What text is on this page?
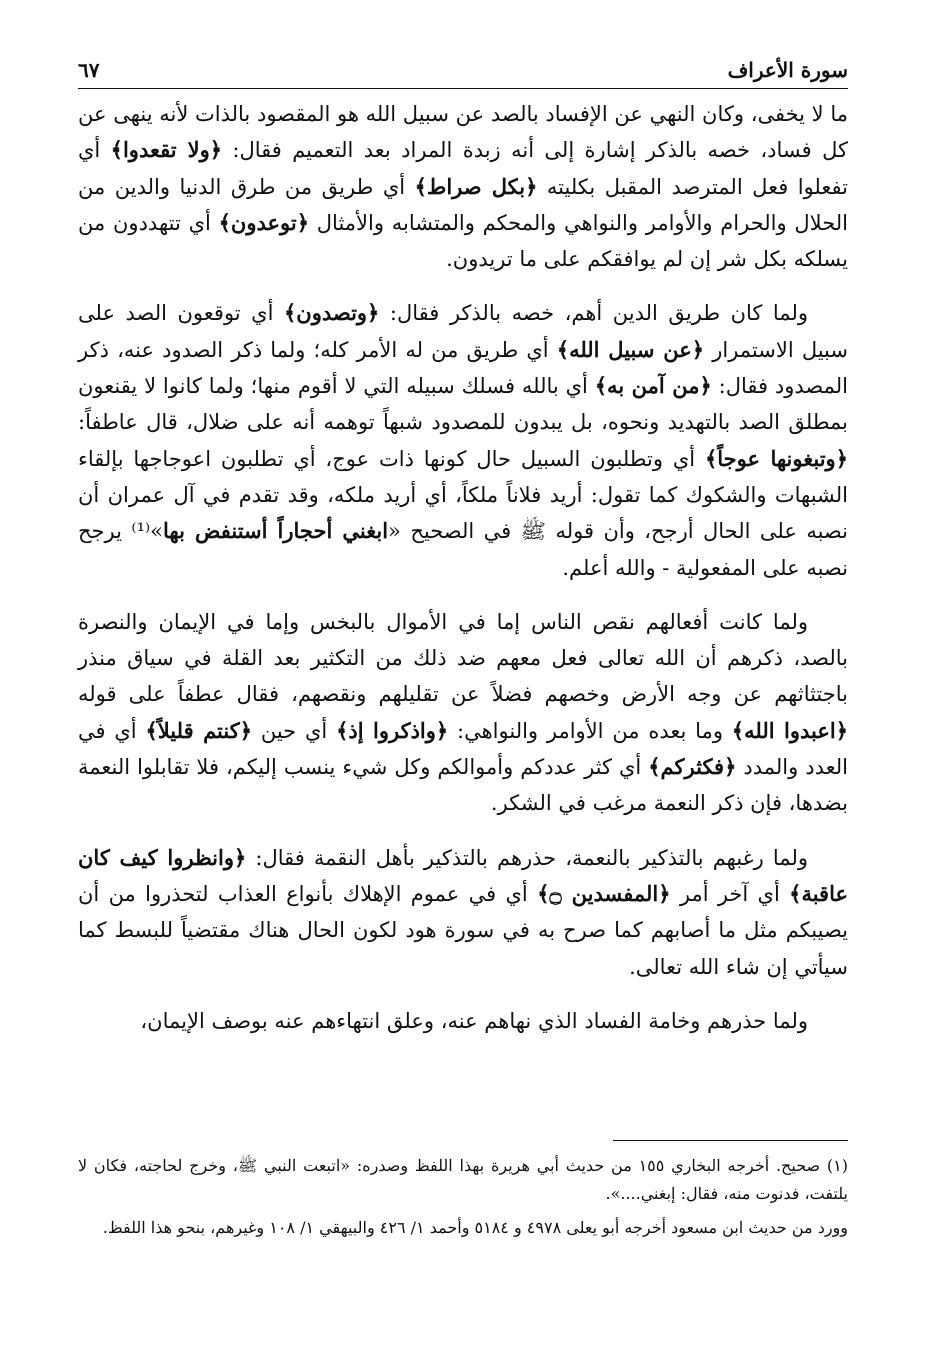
سورة الأعراف
٦٧

ما لا يخفى، وكان النهي عن الإفساد بالصد عن سبيل الله هو المقصود بالذات لأنه ينهى عن كل فساد، خصه بالذكر إشارة إلى أنه زبدة المراد بعد التعميم فقال: ﴿ولا تقعدوا﴾ أي تفعلوا فعل المترصد المقبل بكليته ﴿بكل صراط﴾ أي طريق من طرق الدنيا والدين من الحلال والحرام والأوامر والنواهي والمحكم والمتشابه والأمثال ﴿توعدون﴾ أي تتهددون من يسلكه بكل شر إن لم يوافقكم على ما تريدون.

ولما كان طريق الدين أهم، خصه بالذكر فقال: ﴿وتصدون﴾ أي توقعون الصد على سبيل الاستمرار ﴿عن سبيل الله﴾ أي طريق من له الأمر كله؛ ولما ذكر الصدود عنه، ذكر المصدود فقال: ﴿من آمن به﴾ أي بالله فسلك سبيله التي لا أقوم منها؛ ولما كانوا لا يقنعون بمطلق الصد بالتهديد ونحوه، بل يبدون للمصدود شبهاً توهمه أنه على ضلال، قال عاطفاً: ﴿وتبغونها عوجاً﴾ أي وتطلبون السبيل حال كونها ذات عوج، أي تطلبون اعوجاجها بإلقاء الشبهات والشكوك كما تقول: أريد فلاناً ملكاً، أي أريد ملكه، وقد تقدم في آل عمران أن نصبه على الحال أرجح، وأن قوله ﷺ في الصحيح «ابغني أحجاراً أستنفض بها»⁽¹⁾ يرجح نصبه على المفعولية - والله أعلم.

ولما كانت أفعالهم نقص الناس إما في الأموال بالبخس وإما في الإيمان والنصرة بالصد، ذكرهم أن الله تعالى فعل معهم ضد ذلك من التكثير بعد القلة في سياق منذر باجتثاثهم عن وجه الأرض وخصهم فضلاً عن تقليلهم ونقصهم، فقال عطفاً على قوله ﴿اعبدوا الله﴾ وما بعده من الأوامر والنواهي: ﴿واذكروا إذ﴾ أي حين ﴿كنتم قليلاً﴾ أي في العدد والمدد ﴿فكثركم﴾ أي كثر عددكم وأموالكم وكل شيء ينسب إليكم، فلا تقابلوا النعمة بضدها، فإن ذكر النعمة مرغب في الشكر.

ولما رغبهم بالتذكير بالنعمة، حذرهم بالتذكير بأهل النقمة فقال: ﴿وانظروا كيف كان عاقبة﴾ أي آخر أمر ﴿المفسدين ۝﴾ أي في عموم الإهلاك بأنواع العذاب لتحذروا من أن يصيبكم مثل ما أصابهم كما صرح به في سورة هود لكون الحال هناك مقتضياً للبسط كما سيأتي إن شاء الله تعالى.

ولما حذرهم وخامة الفساد الذي نهاهم عنه، وعلق انتهاءهم عنه بوصف الإيمان،

(١) صحيح. أخرجه البخاري ١٥٥ من حديث أبي هريرة بهذا اللفظ وصدره: «اتبعت النبي ﷺ، وخرج لحاجته، فكان لا يلتفت، فدنوت منه، فقال: إبغني....».

وورد من حديث ابن مسعود أخرجه أبو يعلى ٤٩٧٨ و ٥١٨٤ وأحمد ١/ ٤٢٦ والبيهقي ١/ ١٠٨ وغيرهم، بنحو هذا اللفظ.
